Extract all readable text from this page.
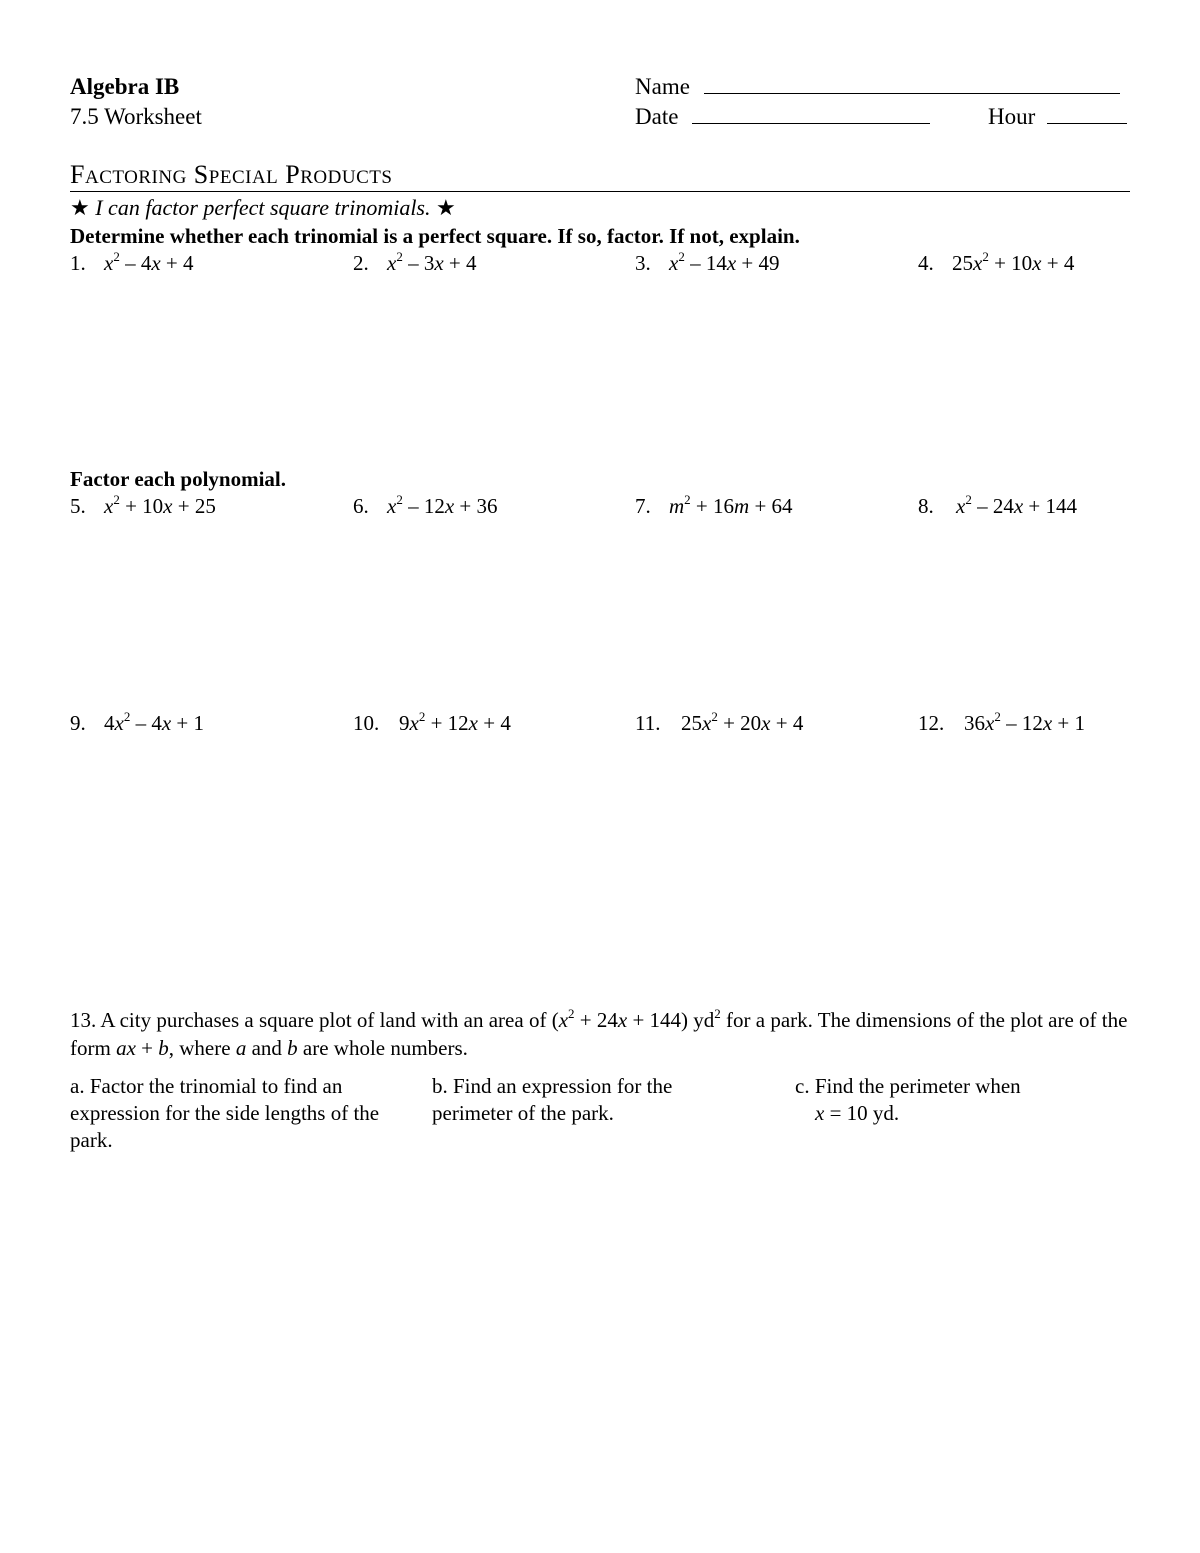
Algebra IB
7.5 Worksheet
Name
Date	Hour
FACTORING SPECIAL PRODUCTS
★ I can factor perfect square trinomials. ★
Determine whether each trinomial is a perfect square. If so, factor. If not, explain.
1. $x^2 - 4x + 4$	2. $x^2 - 3x + 4$	3. $x^2 - 14x + 49$	4. $25x^2 + 10x + 4$
Factor each polynomial.
5. $x^2 + 10x + 25$	6. $x^2 - 12x + 36$	7. $m^2 + 16m + 64$	8. $x^2 - 24x + 144$
9. $4x^2 - 4x + 1$	10. $9x^2 + 12x + 4$	11. $25x^2 + 20x + 4$	12. $36x^2 - 12x + 1$
13. A city purchases a square plot of land with an area of $(x^2 + 24x + 144)$ $yd^2$ for a park. The dimensions of the plot are of the form ax + b, where a and b are whole numbers.
a. Factor the trinomial to find an expression for the side lengths of the park.
b. Find an expression for the perimeter of the park.
c. Find the perimeter when
x = 10 yd.
